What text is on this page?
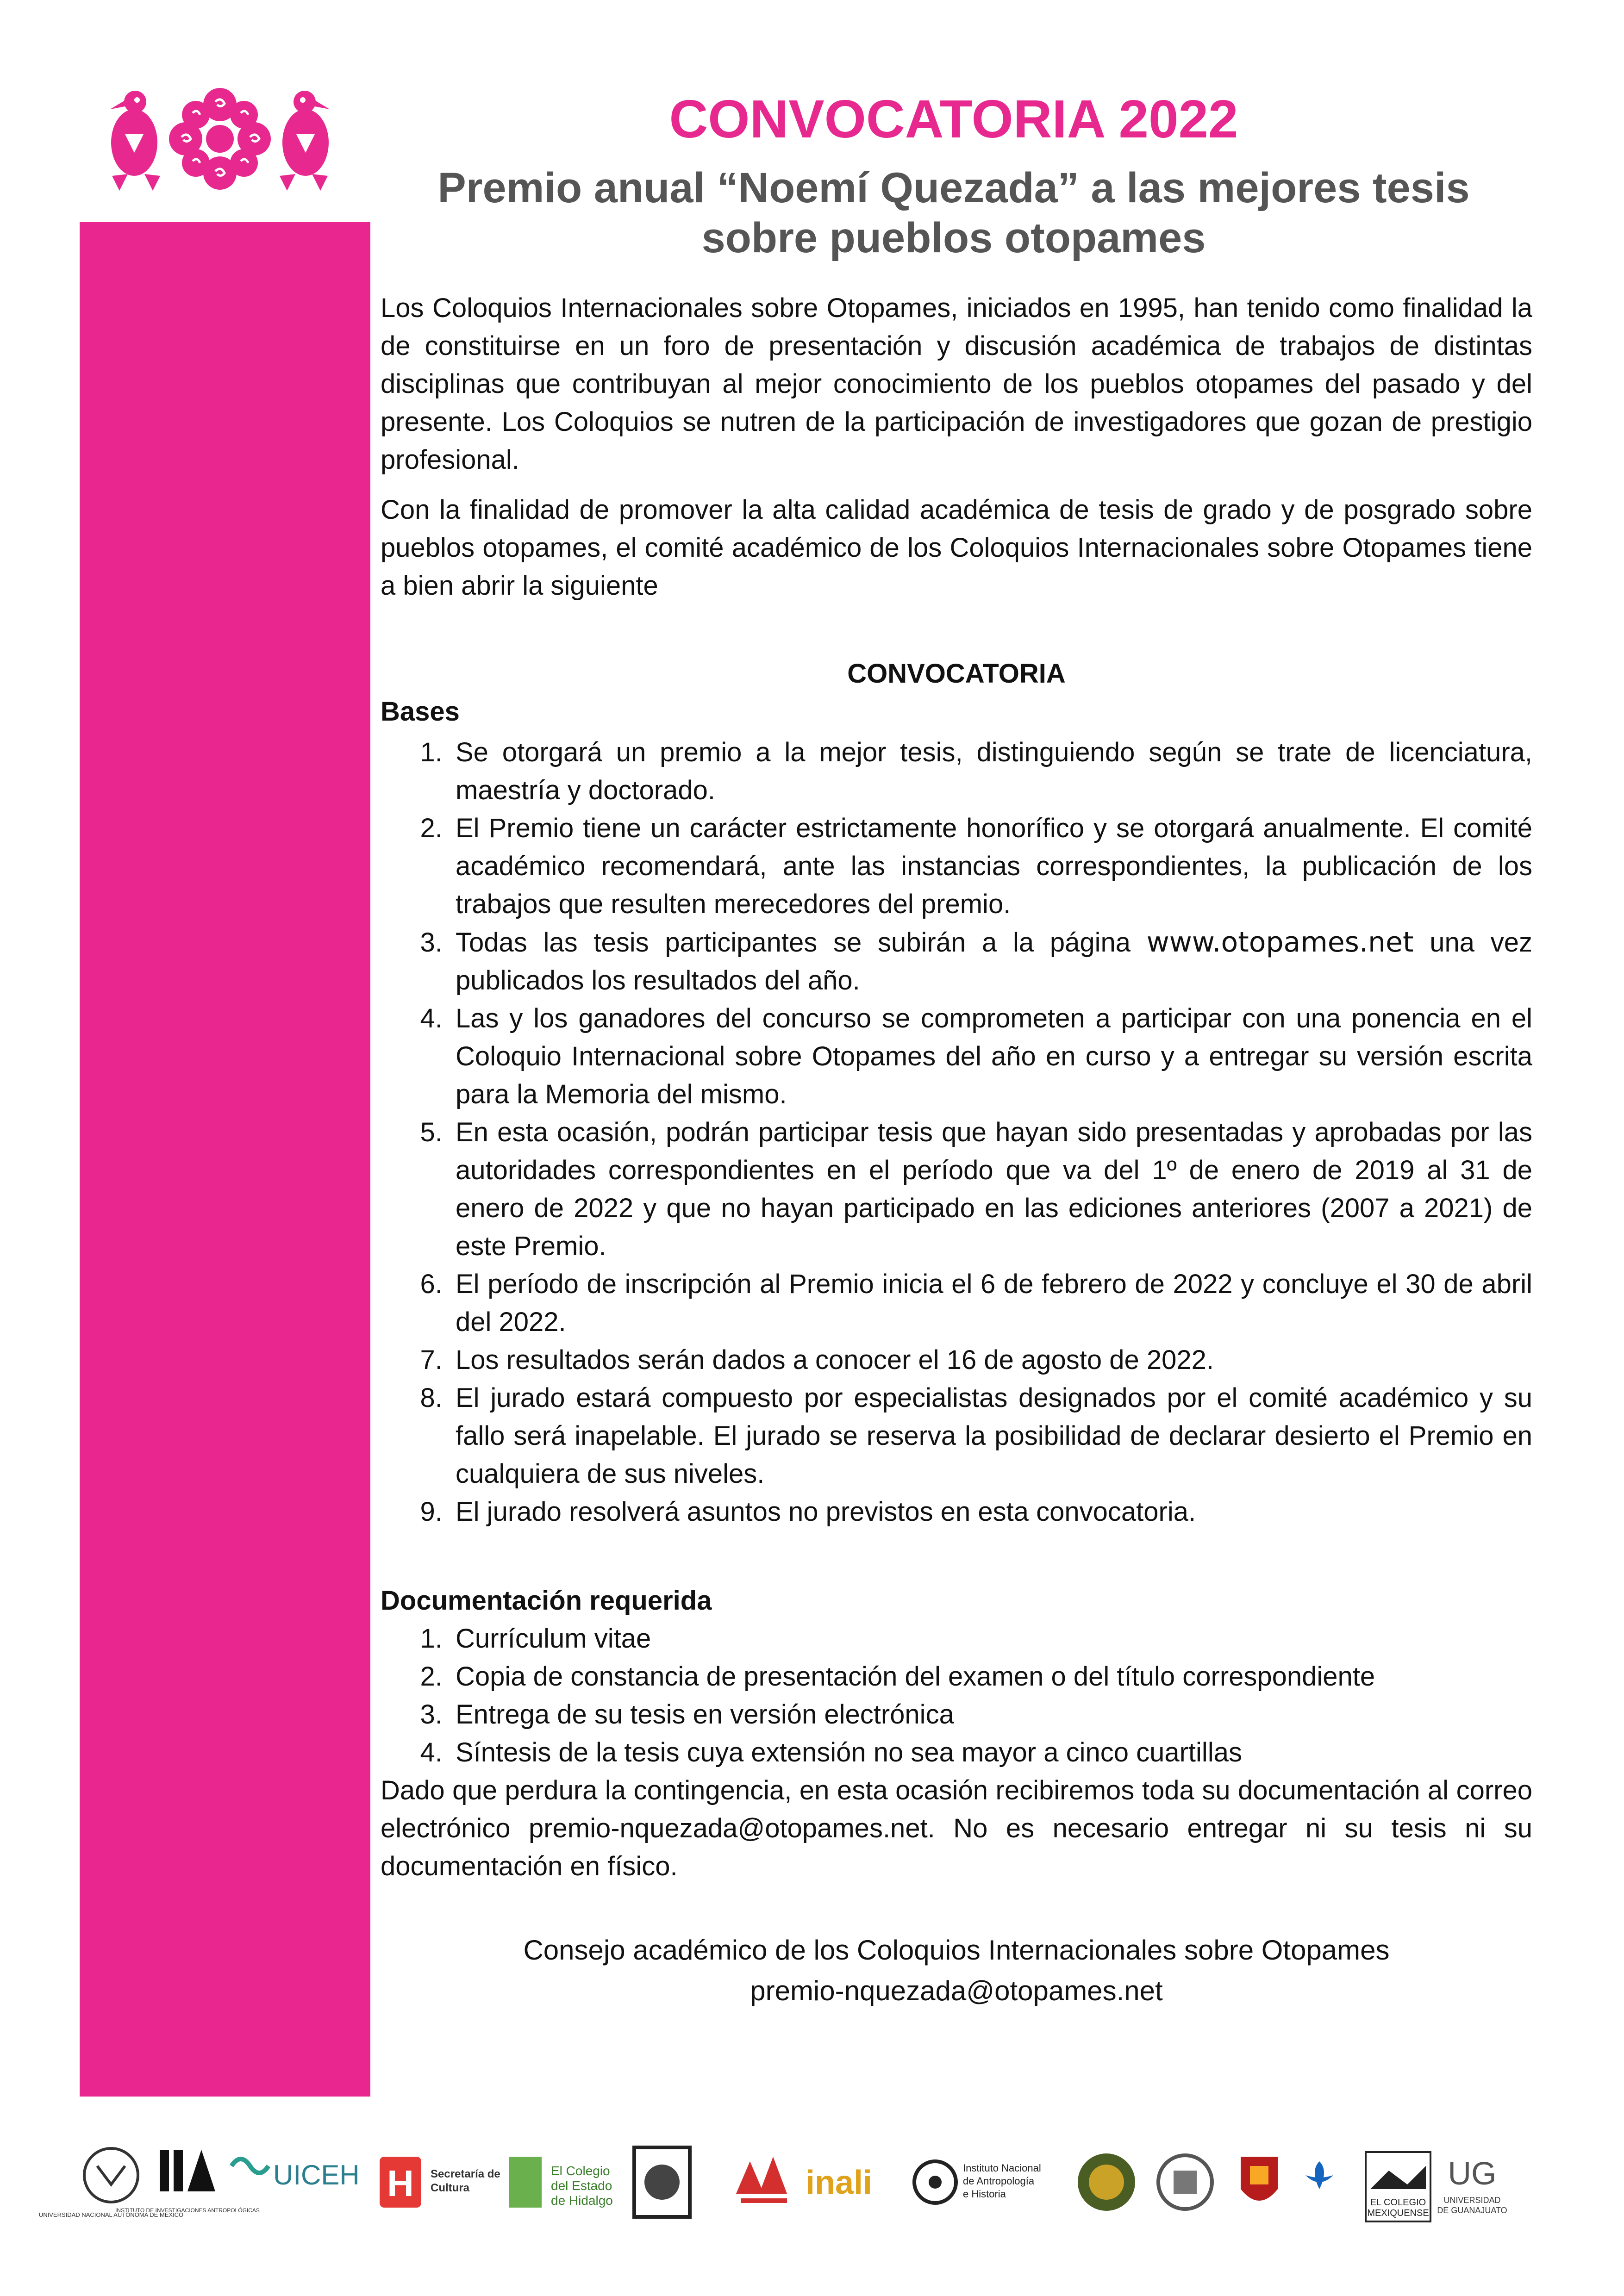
CONVOCATORIA 2022
Premio anual “Noemí Quezada” a las mejores tesis
sobre pueblos otopames

Los Coloquios Internacionales sobre Otopames, iniciados en 1995, han tenido como finalidad la de constituirse en un foro de presentación y discusión académica de trabajos de distintas disciplinas que contribuyan al mejor conocimiento de los pueblos otopames del pasado y del presente. Los Coloquios se nutren de la participación de investigadores que gozan de prestigio profesional.

Con la finalidad de promover la alta calidad académica de tesis de grado y de posgrado sobre pueblos otopames, el comité académico de los Coloquios Internacionales sobre Otopames tiene a bien abrir la siguiente

CONVOCATORIA
Bases
1. Se otorgará un premio a la mejor tesis, distinguiendo según se trate de licenciatura, maestría y doctorado.
2. El Premio tiene un carácter estrictamente honorífico y se otorgará anualmente. El comité académico recomendará, ante las instancias correspondientes, la publicación de los trabajos que resulten merecedores del premio.
3. Todas las tesis participantes se subirán a la página www.otopames.net una vez publicados los resultados del año.
4. Las y los ganadores del concurso se comprometen a participar con una ponencia en el Coloquio Internacional sobre Otopames del año en curso y a entregar su versión escrita para la Memoria del mismo.
5. En esta ocasión, podrán participar tesis que hayan sido presentadas y aprobadas por las autoridades correspondientes en el período que va del 1º de enero de 2019 al 31 de enero de 2022 y que no hayan participado en las ediciones anteriores (2007 a 2021) de este Premio.
6. El período de inscripción al Premio inicia el 6 de febrero de 2022 y concluye el 30 de abril del 2022.
7. Los resultados serán dados a conocer el 16 de agosto de 2022.
8. El jurado estará compuesto por especialistas designados por el comité académico y su fallo será inapelable. El jurado se reserva la posibilidad de declarar desierto el Premio en cualquiera de sus niveles.
9. El jurado resolverá asuntos no previstos en esta convocatoria.
Documentación requerida
1. Currículum vitae
2. Copia de constancia de presentación del examen o del título correspondiente
3. Entrega de su tesis en versión electrónica
4. Síntesis de la tesis cuya extensión no sea mayor a cinco cuartillas

Dado que perdura la contingencia, en esta ocasión recibiremos toda su documentación al correo electrónico premio-nquezada@otopames.net. No es necesario entregar ni su tesis ni su documentación en físico.

Consejo académico de los Coloquios Internacionales sobre Otopames
premio-nquezada@otopames.net
UNIVERSIDAD NACIONAL AUTÓNOMA DE MÉXICO
INSTITUTO DE INVESTIGACIONES ANTROPOLÓGICAS
UICEH H Secretaría de
Cultura
El Colegio
del Estado
de Hidalgo	inali	Instituto Nacional
de Antropología
e Historia
EL COLEGIO
MEXIQUENSE
UG
UNIVERSIDAD
DE GUANAJUATO
